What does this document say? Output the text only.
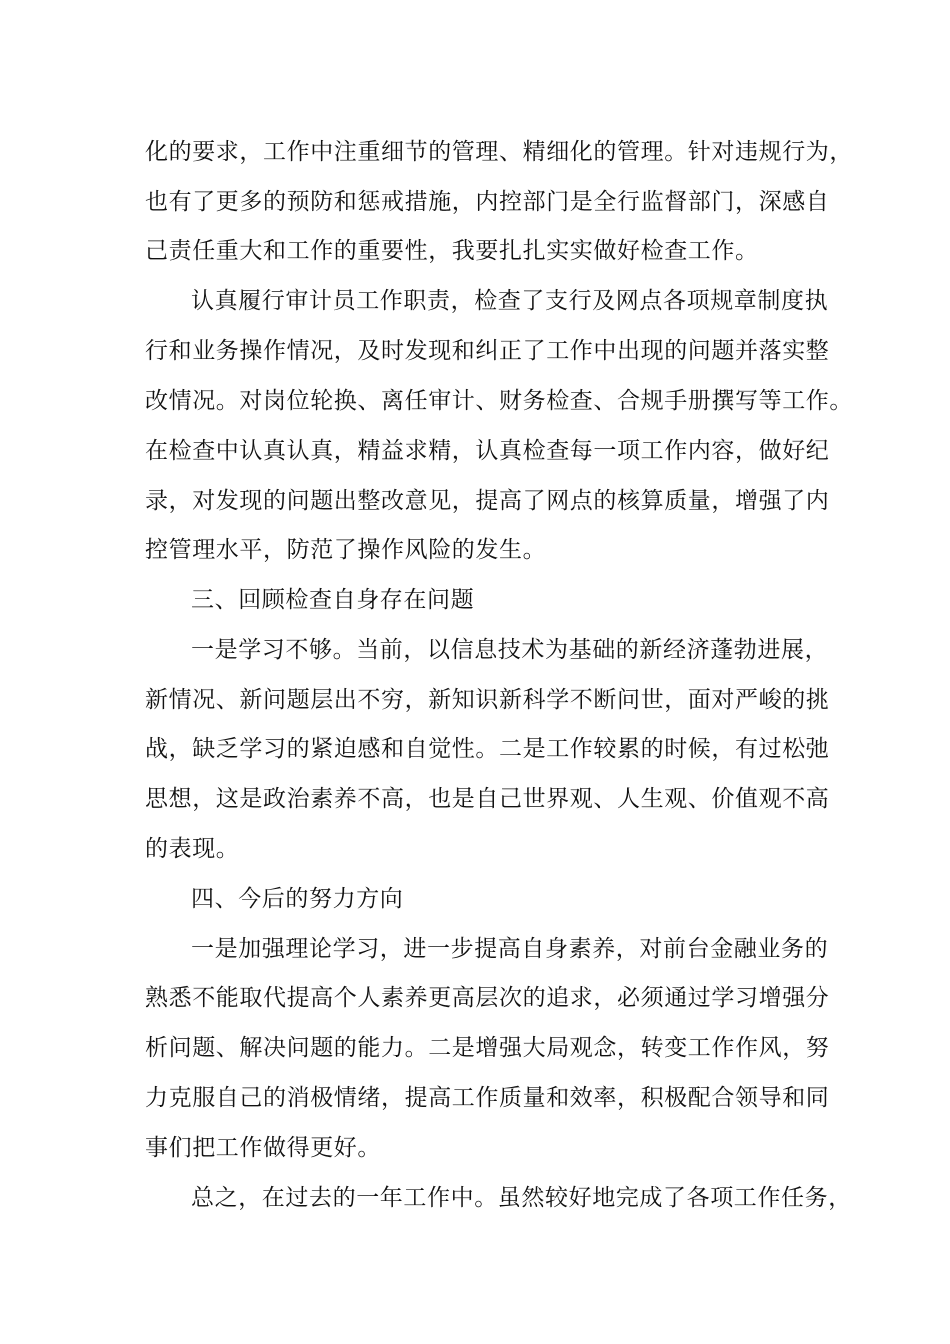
化的要求，工作中注重细节的管理、精细化的管理。针对违规行为，
也有了更多的预防和惩戒措施，内控部门是全行监督部门，深感自
己责任重大和工作的重要性，我要扎扎实实做好检查工作。
认真履行审计员工作职责，检查了支行及网点各项规章制度执
行和业务操作情况，及时发现和纠正了工作中出现的问题并落实整
改情况。对岗位轮换、离任审计、财务检查、合规手册撰写等工作。
在检查中认真认真，精益求精，认真检查每一项工作内容，做好纪
录，对发现的问题出整改意见，提高了网点的核算质量，增强了内
控管理水平，防范了操作风险的发生。
三、回顾检查自身存在问题
一是学习不够。当前，以信息技术为基础的新经济蓬勃进展，
新情况、新问题层出不穷，新知识新科学不断问世，面对严峻的挑
战，缺乏学习的紧迫感和自觉性。二是工作较累的时候，有过松弛
思想，这是政治素养不高，也是自己世界观、人生观、价值观不高
的表现。
四、今后的努力方向
一是加强理论学习，进一步提高自身素养，对前台金融业务的
熟悉不能取代提高个人素养更高层次的追求，必须通过学习增强分
析问题、解决问题的能力。二是增强大局观念，转变工作作风，努
力克服自己的消极情绪，提高工作质量和效率，积极配合领导和同
事们把工作做得更好。
总之，在过去的一年工作中。虽然较好地完成了各项工作任务，
